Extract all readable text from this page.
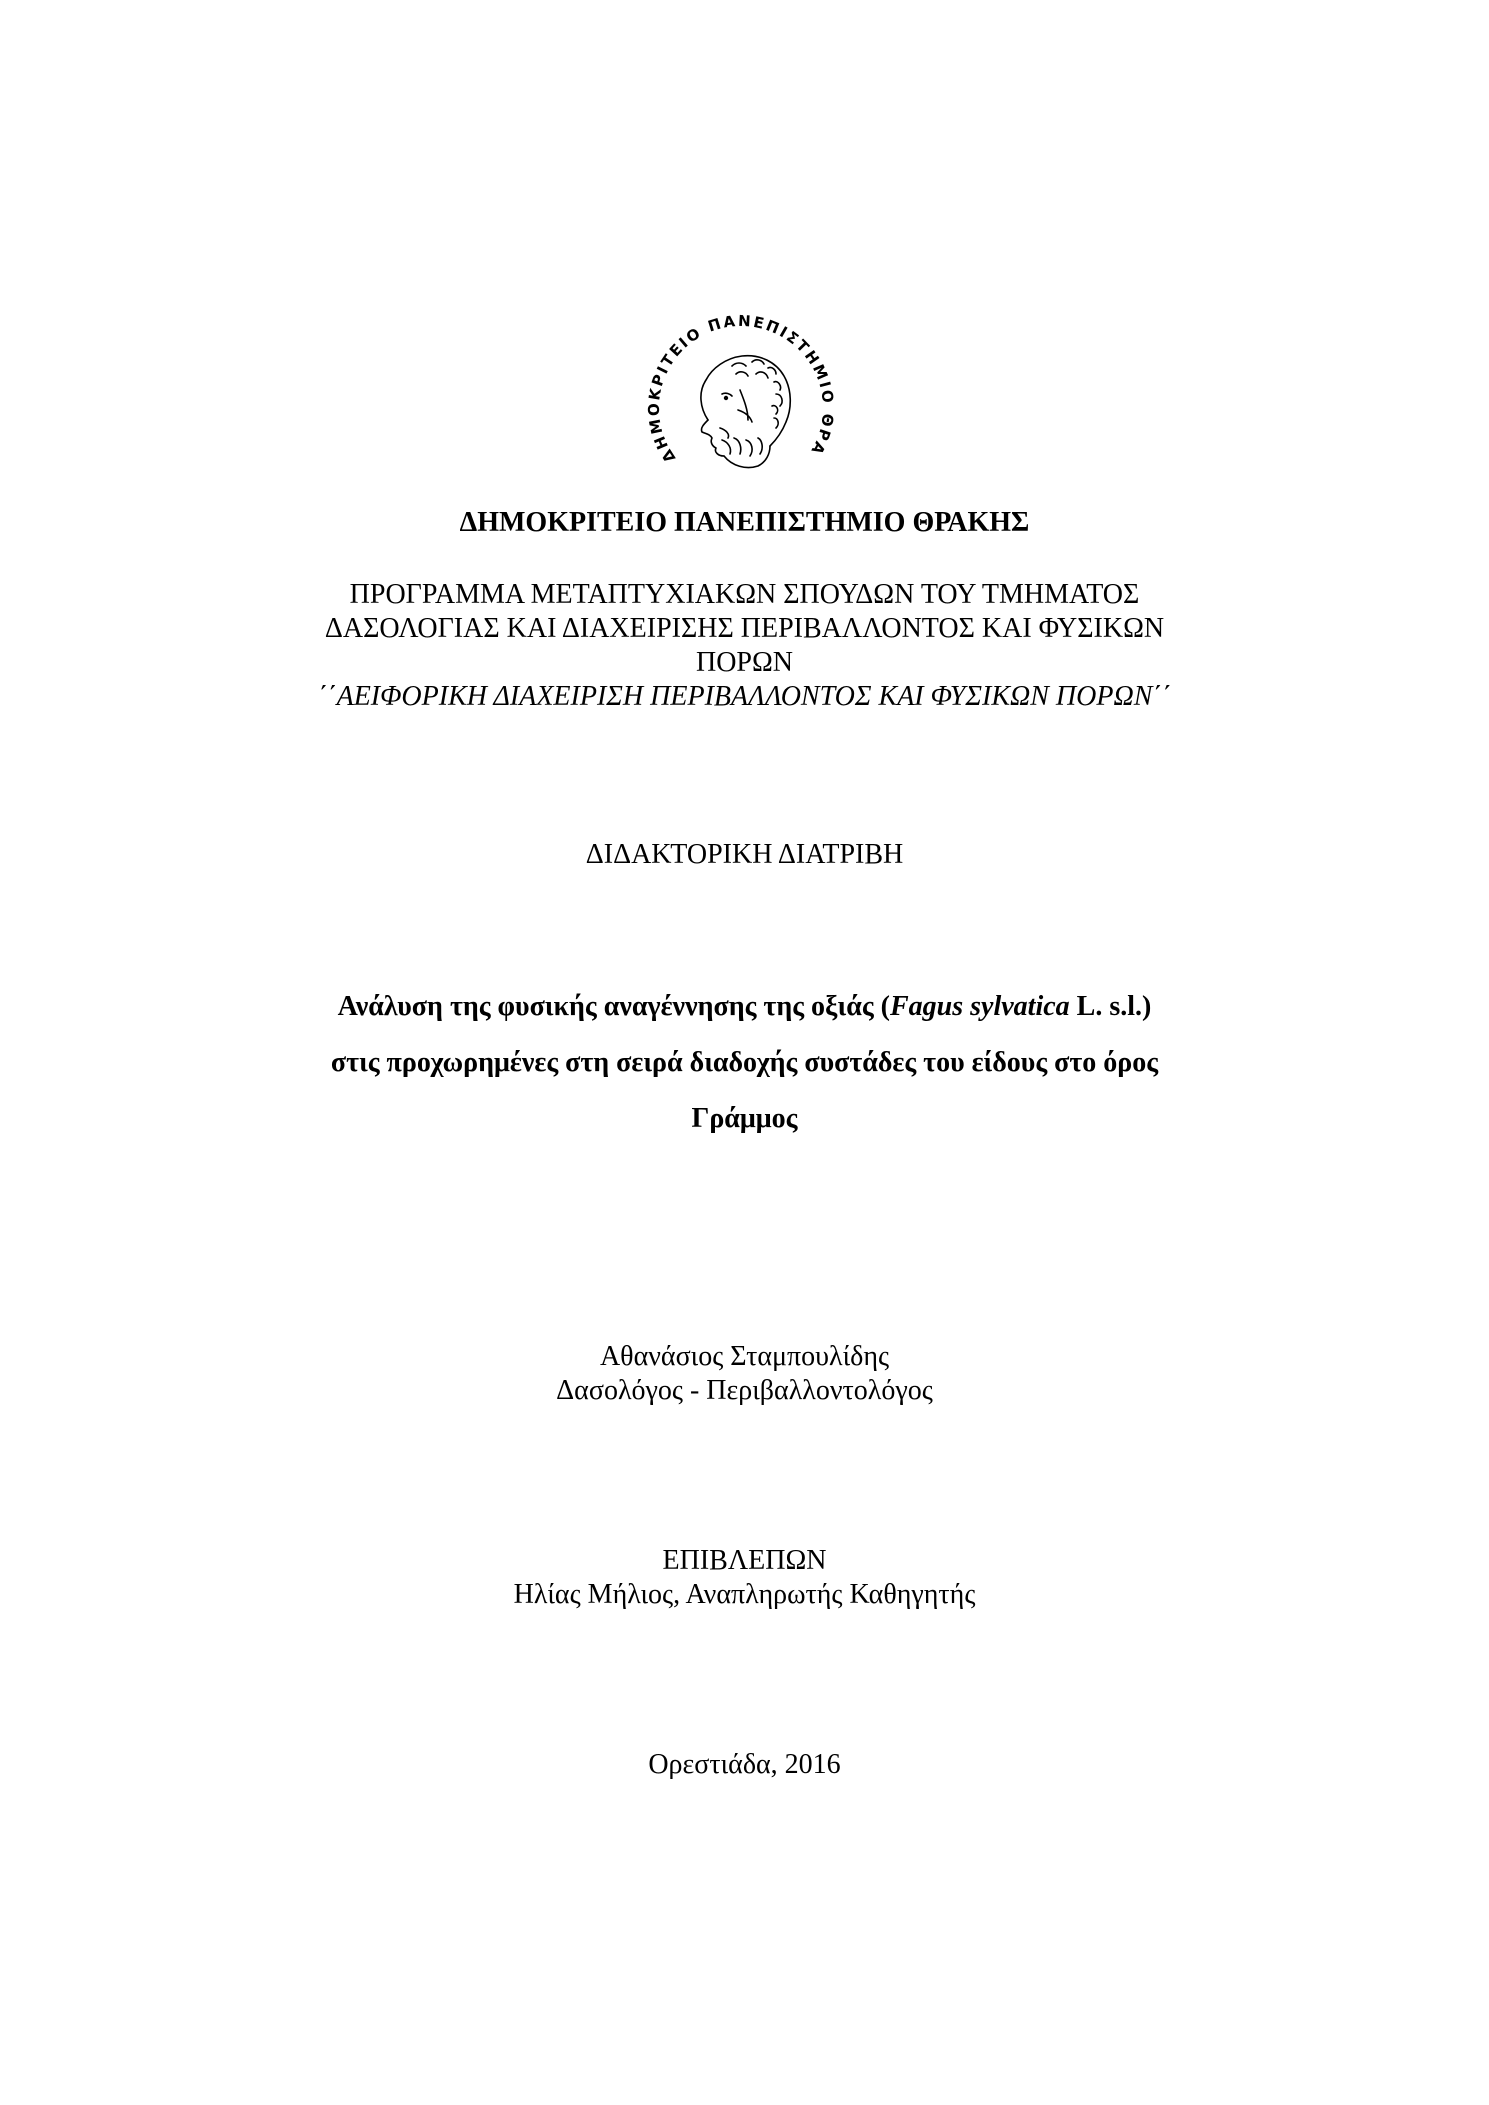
ΔΗΜΟΚΡΙΤΕΙΟ ΠΑΝΕΠΙΣΤΗΜΙΟ ΘΡΑ
ΔΗΜΟΚΡΙΤΕΙΟ ΠΑΝΕΠΙΣΤΗΜΙΟ ΘΡΑΚΗΣ
ΠΡΟΓΡΑΜΜΑ ΜΕΤΑΠΤΥΧΙΑΚΩΝ ΣΠΟΥΔΩΝ ΤΟΥ ΤΜΗΜΑΤΟΣ
ΔΑΣΟΛΟΓΙΑΣ ΚΑΙ ΔΙΑΧΕΙΡΙΣΗΣ ΠΕΡΙΒΑΛΛΟΝΤΟΣ ΚΑΙ ΦΥΣΙΚΩΝ
ΠΟΡΩΝ
΄΄ΑΕΙΦΟΡΙΚΗ ΔΙΑΧΕΙΡΙΣΗ ΠΕΡΙΒΑΛΛΟΝΤΟΣ ΚΑΙ ΦΥΣΙΚΩΝ ΠΟΡΩΝ΄΄
ΔΙΔΑΚΤΟΡΙΚΗ ΔΙΑΤΡΙΒΗ
Ανάλυση της φυσικής αναγέννησης της οξιάς (Fagus sylvatica L. s.l.)
στις προχωρημένες στη σειρά διαδοχής συστάδες του είδους στο όρος
Γράμμος
Αθανάσιος Σταμπουλίδης
Δασολόγος - Περιβαλλοντολόγος
ΕΠΙΒΛΕΠΩΝ
Ηλίας Μήλιος, Αναπληρωτής Καθηγητής
Ορεστιάδα, 2016
